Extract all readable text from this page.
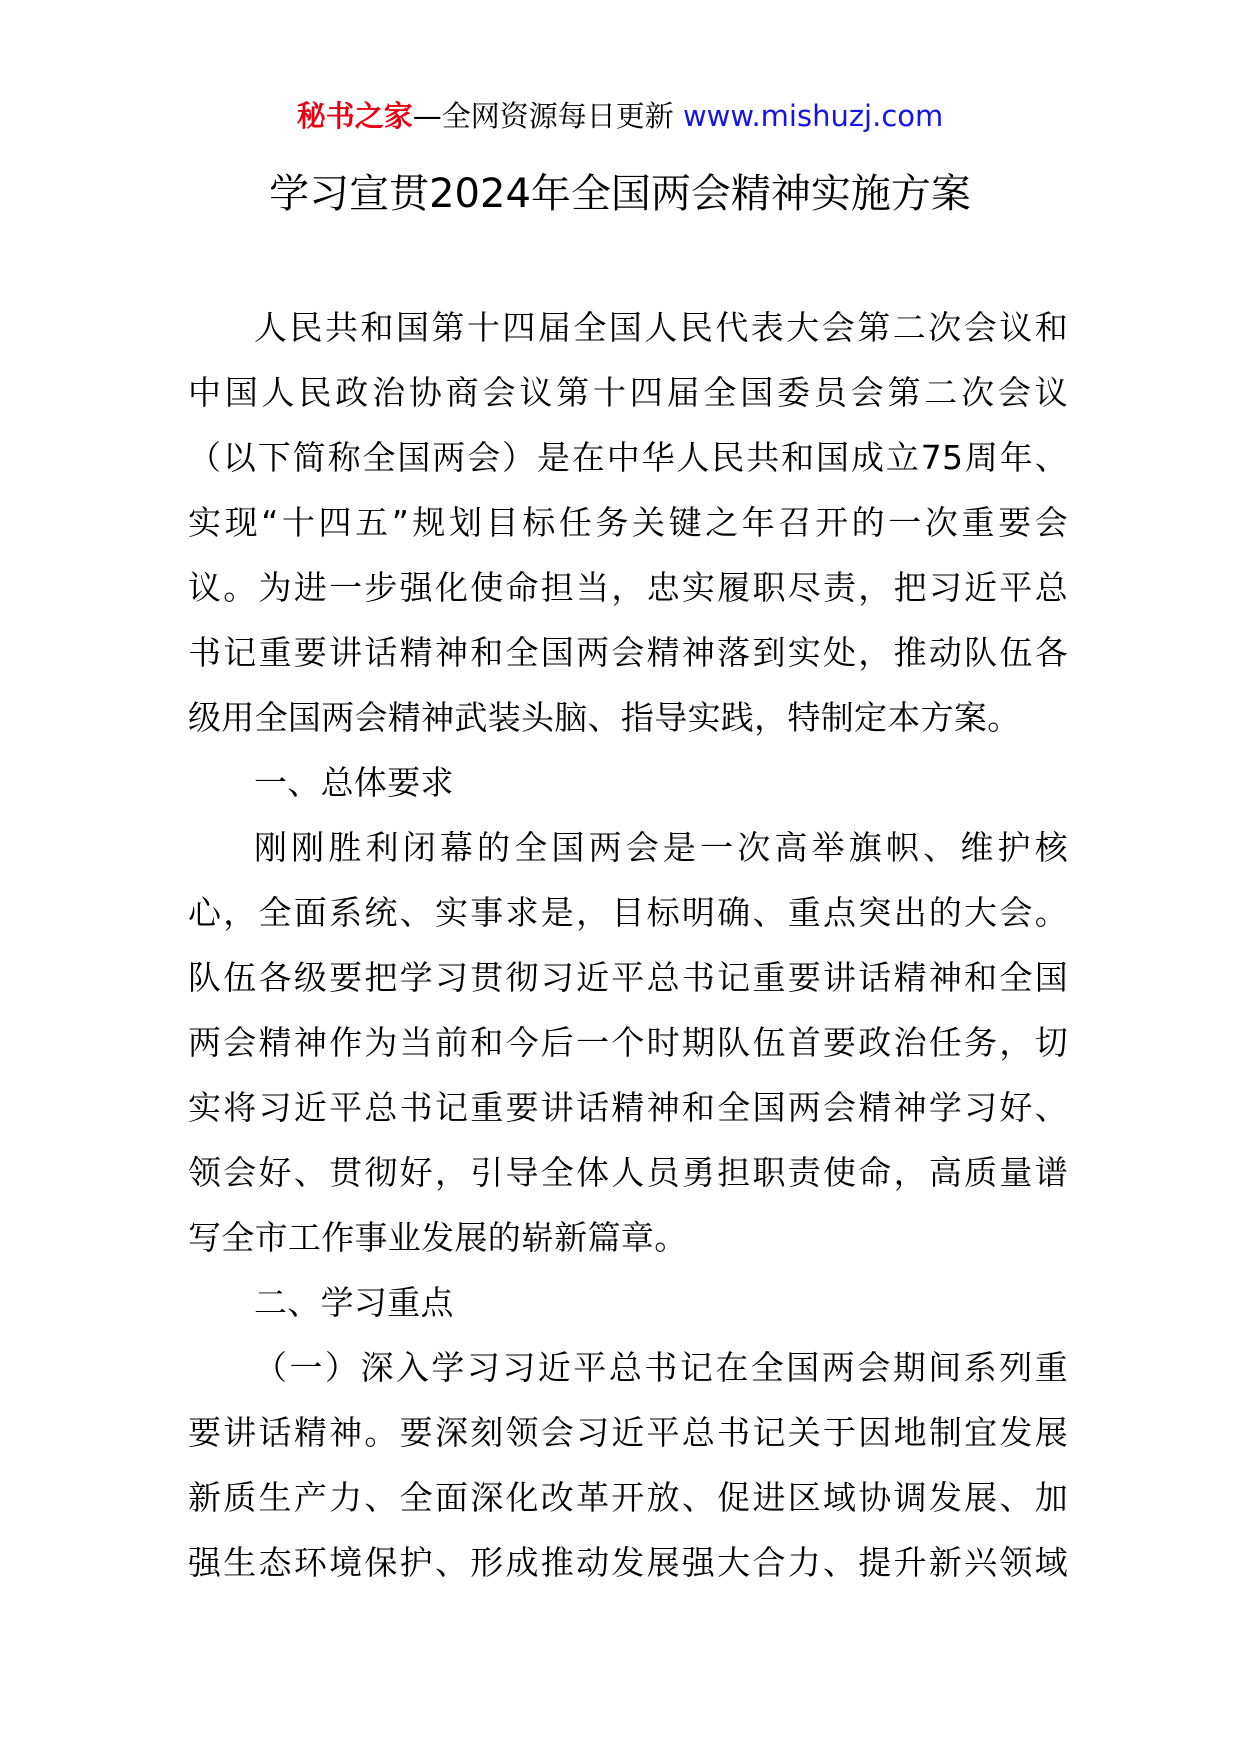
秘书之家—全网资源每日更新 www.mishuzj.com
学习宣贯2024年全国两会精神实施方案
人民共和国第十四届全国人民代表大会第二次会议和
中国人民政治协商会议第十四届全国委员会第二次会议
（以下简称全国两会）是在中华人民共和国成立75周年、
实现“十四五”规划目标任务关键之年召开的一次重要会
议。为进一步强化使命担当，忠实履职尽责，把习近平总
书记重要讲话精神和全国两会精神落到实处，推动队伍各
级用全国两会精神武装头脑、指导实践，特制定本方案。
一、总体要求
刚刚胜利闭幕的全国两会是一次高举旗帜、维护核
心，全面系统、实事求是，目标明确、重点突出的大会。
队伍各级要把学习贯彻习近平总书记重要讲话精神和全国
两会精神作为当前和今后一个时期队伍首要政治任务，切
实将习近平总书记重要讲话精神和全国两会精神学习好、
领会好、贯彻好，引导全体人员勇担职责使命，高质量谱
写全市工作事业发展的崭新篇章。
二、学习重点
（一）深入学习习近平总书记在全国两会期间系列重
要讲话精神。要深刻领会习近平总书记关于因地制宜发展
新质生产力、全面深化改革开放、促进区域协调发展、加
强生态环境保护、形成推动发展强大合力、提升新兴领域
